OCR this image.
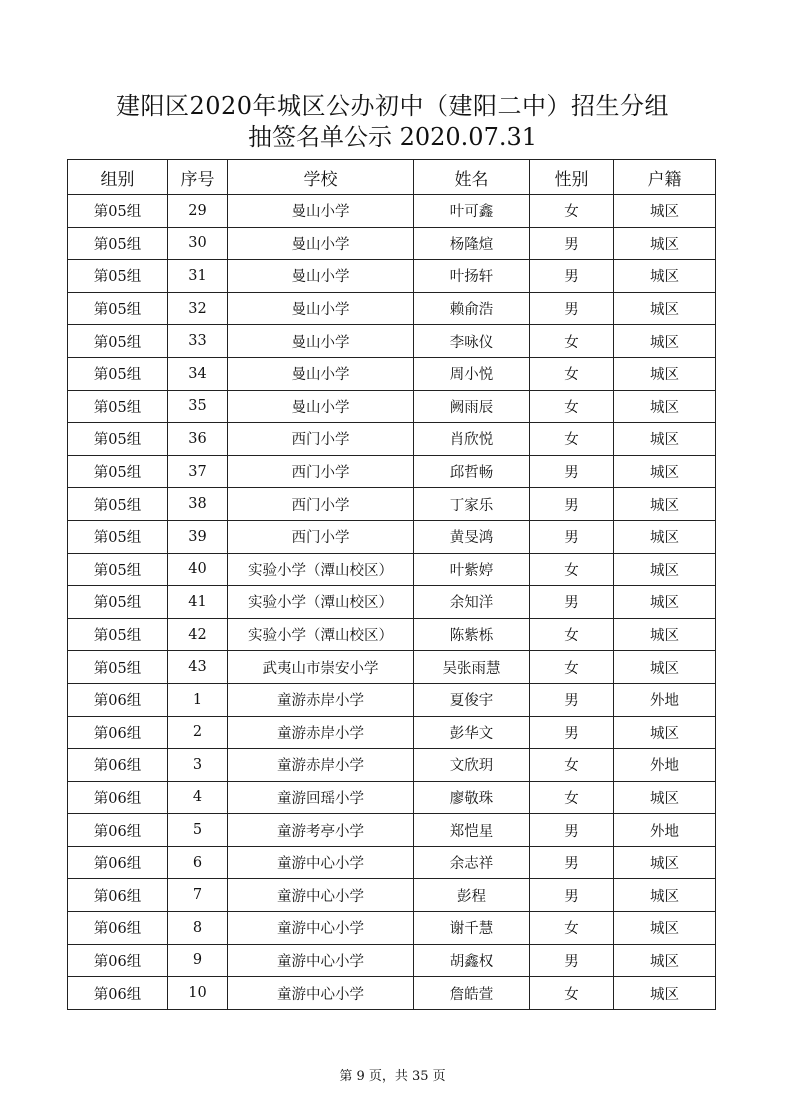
建阳区2020年城区公办初中（建阳二中）招生分组
抽签名单公示 2020.07.31
组别	序号	学校	姓名	性别	户籍
第05组	29	曼山小学	叶可鑫	女	城区
第05组	30	曼山小学	杨隆煊	男	城区
第05组	31	曼山小学	叶扬轩	男	城区
第05组	32	曼山小学	赖俞浩	男	城区
第05组	33	曼山小学	李咏仪	女	城区
第05组	34	曼山小学	周小悦	女	城区
第05组	35	曼山小学	阙雨辰	女	城区
第05组	36	西门小学	肖欣悦	女	城区
第05组	37	西门小学	邱哲畅	男	城区
第05组	38	西门小学	丁家乐	男	城区
第05组	39	西门小学	黄旻鸿	男	城区
第05组	40	实验小学（潭山校区）	叶紫婷	女	城区
第05组	41	实验小学（潭山校区）	余知洋	男	城区
第05组	42	实验小学（潭山校区）	陈紫栎	女	城区
第05组	43	武夷山市崇安小学	吴张雨慧	女	城区
第06组	1	童游赤岸小学	夏俊宇	男	外地
第06组	2	童游赤岸小学	彭华文	男	城区
第06组	3	童游赤岸小学	文欣玥	女	外地
第06组	4	童游回瑶小学	廖敬珠	女	城区
第06组	5	童游考亭小学	郑恺星	男	外地
第06组	6	童游中心小学	余志祥	男	城区
第06组	7	童游中心小学	彭程	男	城区
第06组	8	童游中心小学	谢千慧	女	城区
第06组	9	童游中心小学	胡鑫权	男	城区
第06组	10	童游中心小学	詹皓萱	女	城区
第 9 页，共 35 页
